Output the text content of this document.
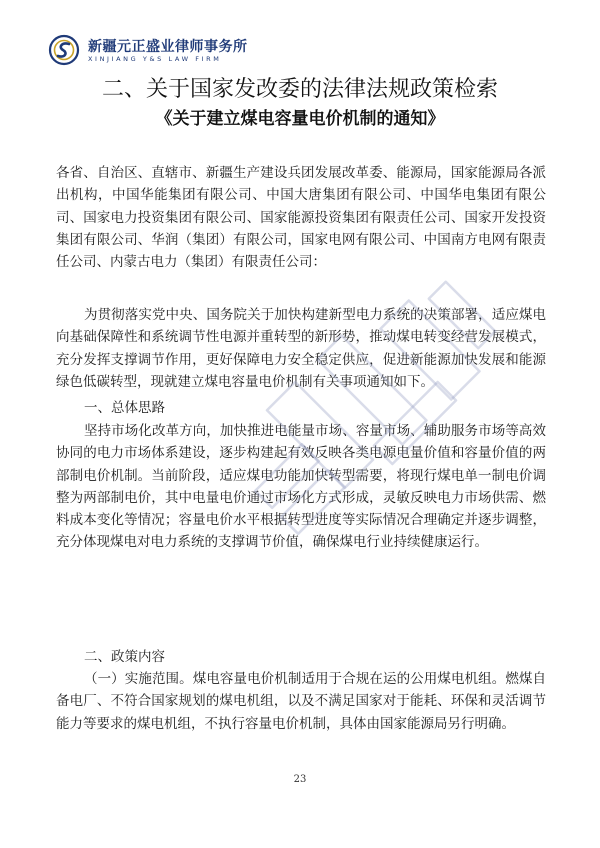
新疆元正盛业律师事务所
XINJIANG Y&S LAW FIRM
二、关于国家发改委的法律法规政策检索
《关于建立煤电容量电价机制的通知》
各省、自治区、直辖市、新疆生产建设兵团发展改革委、能源局，国家能源局各派出机构，中国华能集团有限公司、中国大唐集团有限公司、中国华电集团有限公司、国家电力投资集团有限公司、国家能源投资集团有限责任公司、国家开发投资集团有限公司、华润（集团）有限公司，国家电网有限公司、中国南方电网有限责任公司、内蒙古电力（集团）有限责任公司：
为贯彻落实党中央、国务院关于加快构建新型电力系统的决策部署，适应煤电向基础保障性和系统调节性电源并重转型的新形势，推动煤电转变经营发展模式，充分发挥支撑调节作用，更好保障电力安全稳定供应，促进新能源加快发展和能源绿色低碳转型，现就建立煤电容量电价机制有关事项通知如下。
一、总体思路
坚持市场化改革方向，加快推进电能量市场、容量市场、辅助服务市场等高效协同的电力市场体系建设，逐步构建起有效反映各类电源电量价值和容量价值的两部制电价机制。当前阶段，适应煤电功能加快转型需要，将现行煤电单一制电价调整为两部制电价，其中电量电价通过市场化方式形成，灵敏反映电力市场供需、燃料成本变化等情况；容量电价水平根据转型进度等实际情况合理确定并逐步调整，充分体现煤电对电力系统的支撑调节价值，确保煤电行业持续健康运行。
二、政策内容
（一）实施范围。煤电容量电价机制适用于合规在运的公用煤电机组。燃煤自备电厂、不符合国家规划的煤电机组，以及不满足国家对于能耗、环保和灵活调节能力等要求的煤电机组，不执行容量电价机制，具体由国家能源局另行明确。
23
